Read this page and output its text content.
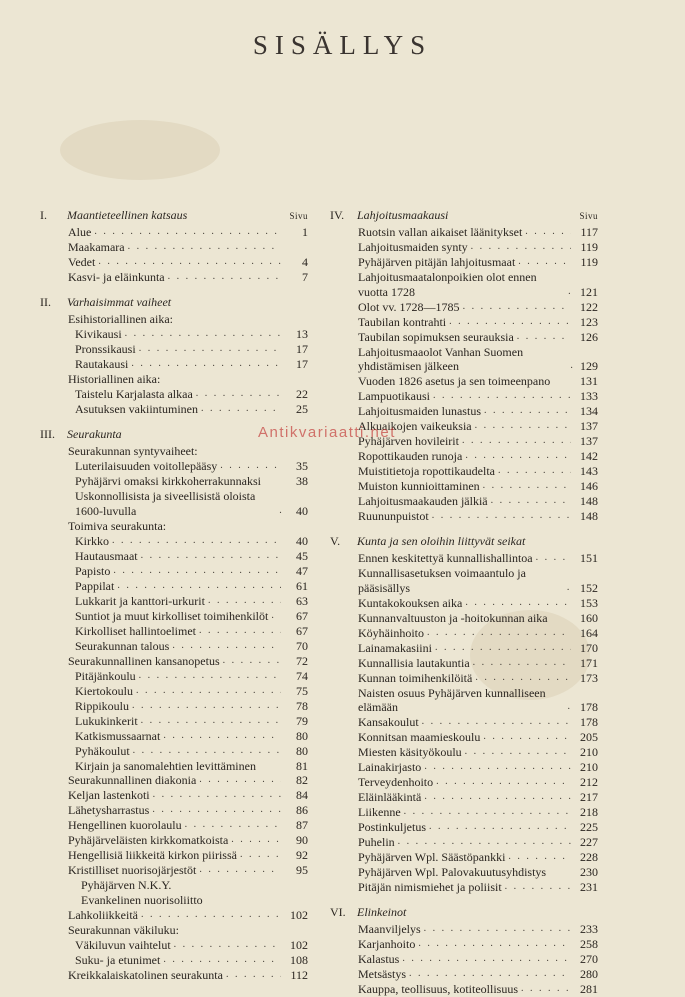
SISÄLLYS
I.	Maantieteellinen katsaus	Sivu
Alue . . .	1
Maakamara
. . .
Vedet . . .	4
Kasvi- ja eläinkunta . . .	7
II.	Varhaisimmat vaiheet
Esihistoriallinen aika:
Kivikausi . . .	13
Pronssikausi . . .	17
Rautakausi . . .	17
Historiallinen aika:
Taistelu Karjalasta alkaa . . .	22
Asutuksen vakiintuminen . . .	25
III.	Seurakunta
Seurakunnan syntyvaiheet:
Luterilaisuuden voitollepääsy . . .	35
Pyhäjärvi omaksi kirkkoherrakunnaksi	38
Uskonnollisista ja siveellisistä oloista 1600-luvulla . . .	40
Toimiva seurakunta:
Kirkko . . .	40
Hautausmaat . . .	45
Papisto . . .	47
Pappilat . . .	61
Lukkarit ja kanttori-urkurit . . .	63
Suntiot ja muut kirkolliset toimihenkilöt . . .	67
Kirkolliset hallintoelimet . . .	67
Seurakunnan talous . . .	70
Seurakunnallinen kansanopetus . . .	72
Pitäjänkoulu . . .	74
Kiertokoulu . . .	75
Rippikoulu . . .	78
Lukukinkerit . . .	79
Katkismussaarnat . . .	80
Pyhäkoulut . . .	80
Kirjain ja sanomalehtien levittäminen	81
Seurakunnallinen diakonia . . .	82
Keljan lastenkoti . . .	84
Lähetysharrastus . . .	86
Hengellinen kuorolaulu . . .	87
Pyhäjärveläisten kirkkomatkoista . . .	90
Hengellisiä liikkeitä kirkon piirissä . . .	92
Kristilliset nuorisojärjestöt . . .	95
Pyhäjärven N.K.Y.
Evankelinen nuorisoliitto
Lahkoliikkeitä . . .	102
Seurakunnan väkiluku:
Väkiluvun vaihtelut . . .	102
Suku- ja etunimet . . .	108
Kreikkalaiskatolinen seurakunta . . .	112
IV.	Lahjoitusmaakausi	Sivu
Ruotsin vallan aikaiset läänitykset . . .	117
Lahjoitusmaiden synty . . .	119
Pyhäjärven pitäjän lahjoitusmaat . . .	119
Lahjoitusmaatalonpoikien olot ennen vuotta 1728 . . .	121
Olot vv. 1728—1785 . . .	122
Taubilan kontrahti . . .	123
Taubilan sopimuksen seurauksia . . .	126
Lahjoitusmaaolot Vanhan Suomen yhdistämisen jälkeen . . .	129
Vuoden 1826 asetus ja sen toimeenpano	131
Lampuotikausi . . .	133
Lahjoitusmaiden lunastus . . .	134
Alkuaikojen vaikeuksia . . .	137
Pyhäjärven hovileirit . . .	137
Ropottikauden runoja . . .	142
Muistitietoja ropottikaudelta . . .	143
Muiston kunnioittaminen . . .	146
Lahjoitusmaakauden jälkiä . . .	148
Ruununpuistot . . .	148
V.	Kunta ja sen oloihin liittyvät seikat
Ennen keskitettyä kunnallishallintoa . . .	151
Kunnallisasetuksen voimaantulo ja pääsisällys . . .	152
Kuntakokouksen aika . . .	153
Kunnanvaltuuston ja -hoitokunnan aika	160
Köyhäinhoito . . .	164
Lainamakasiini . . .	170
Kunnallisia lautakuntia . . .	171
Kunnan toimihenkilöitä . . .	173
Naisten osuus Pyhäjärven kunnalliseen elämään . . .	178
Kansakoulut . . .	178
Konnitsan maamieskoulu . . .	205
Miesten käsityökoulu . . .	210
Lainakirjasto . . .	210
Terveydenhoito . . .	212
Eläinlääkintä . . .	217
Liikenne . . .	218
Postinkuljetus . . .	225
Puhelin . . .	227
Pyhäjärven Wpl. Säästöpankki . . .	228
Pyhäjärven Wpl. Palovakuutusyhdistys	230
Pitäjän nimismiehet ja poliisit . . .	231
VI. Elinkeinot
Maanviljelys . . .	233
Karjanhoito . . .	258
Kalastus . . .	270
Metsästys . . .	280
Kauppa, teollisuus, kotiteollisuus . . .	281
Antikvariaatti.net
